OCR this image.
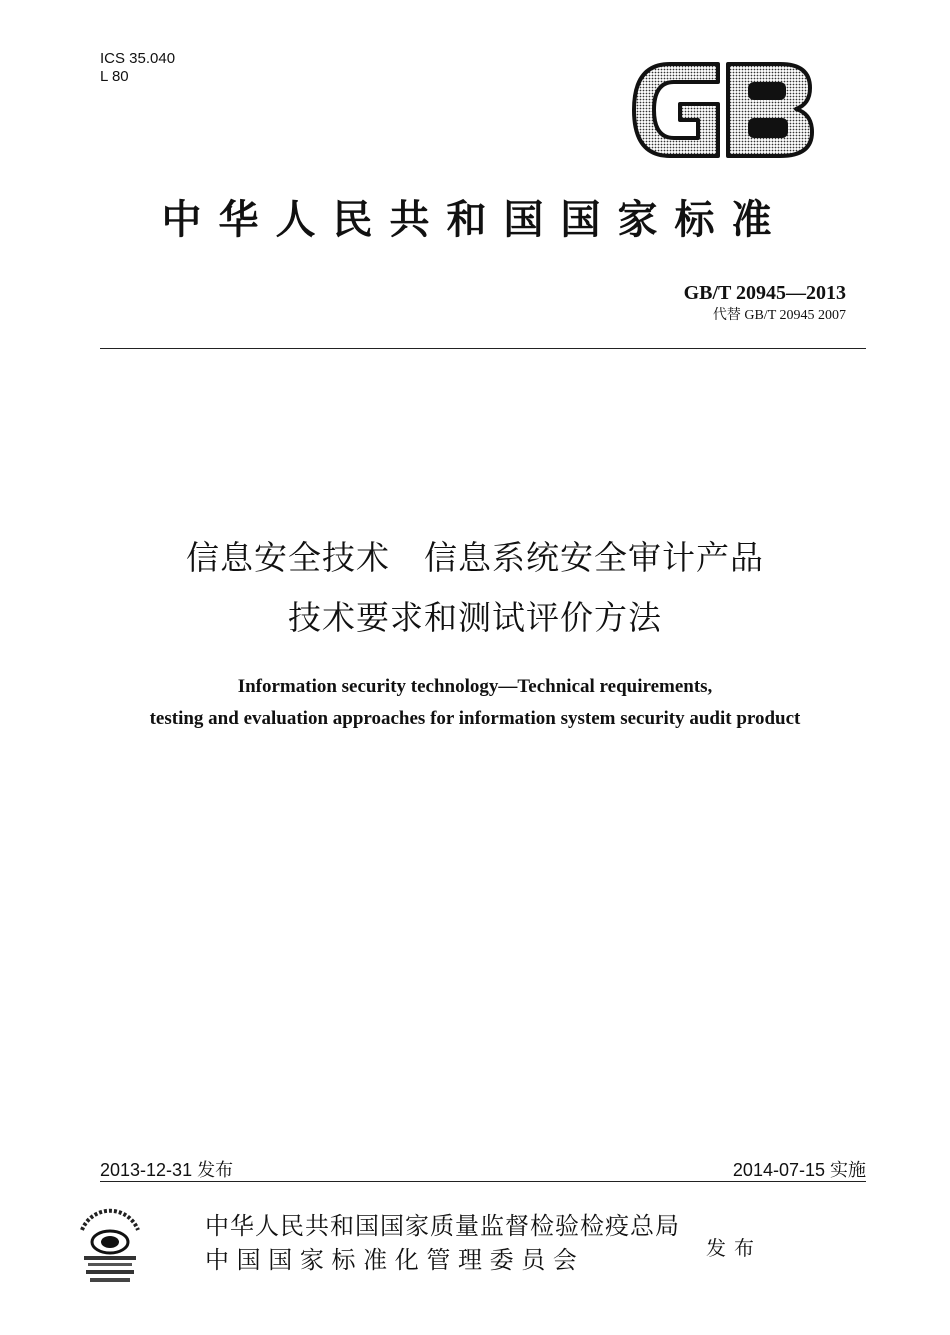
ICS 35.040
L 80
中华人民共和国国家标准
GB/T 20945—2013
代替 GB/T 20945 2007
信息安全技术　信息系统安全审计产品
技术要求和测试评价方法
Information security technology—Technical requirements,
testing and evaluation approaches for information system security audit product
2013-12-31 发布	2014-07-15 实施
中华人民共和国国家质量监督检验检疫总局
中 国 国 家 标 准 化 管 理 委 员 会	发布
